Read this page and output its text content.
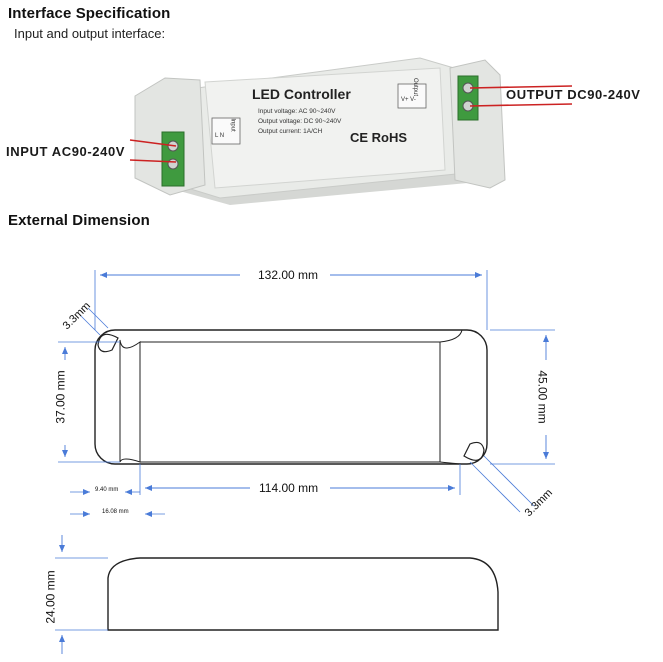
Interface Specification
Input and output interface:
External Dimension
OUTPUT DC90-240V
INPUT AC90-240V
LED Controller
Input voltage: AC 90~240V
Output voltage: DC 90~240V
Output current: 1A/CH CE RoHS
Input
L N
Output
V+ V-
132.00 mm
114.00 mm
37.00 mm	45.00 mm
3.3mm
3.3mm
9.40 mm
16.08 mm
24.00 mm
